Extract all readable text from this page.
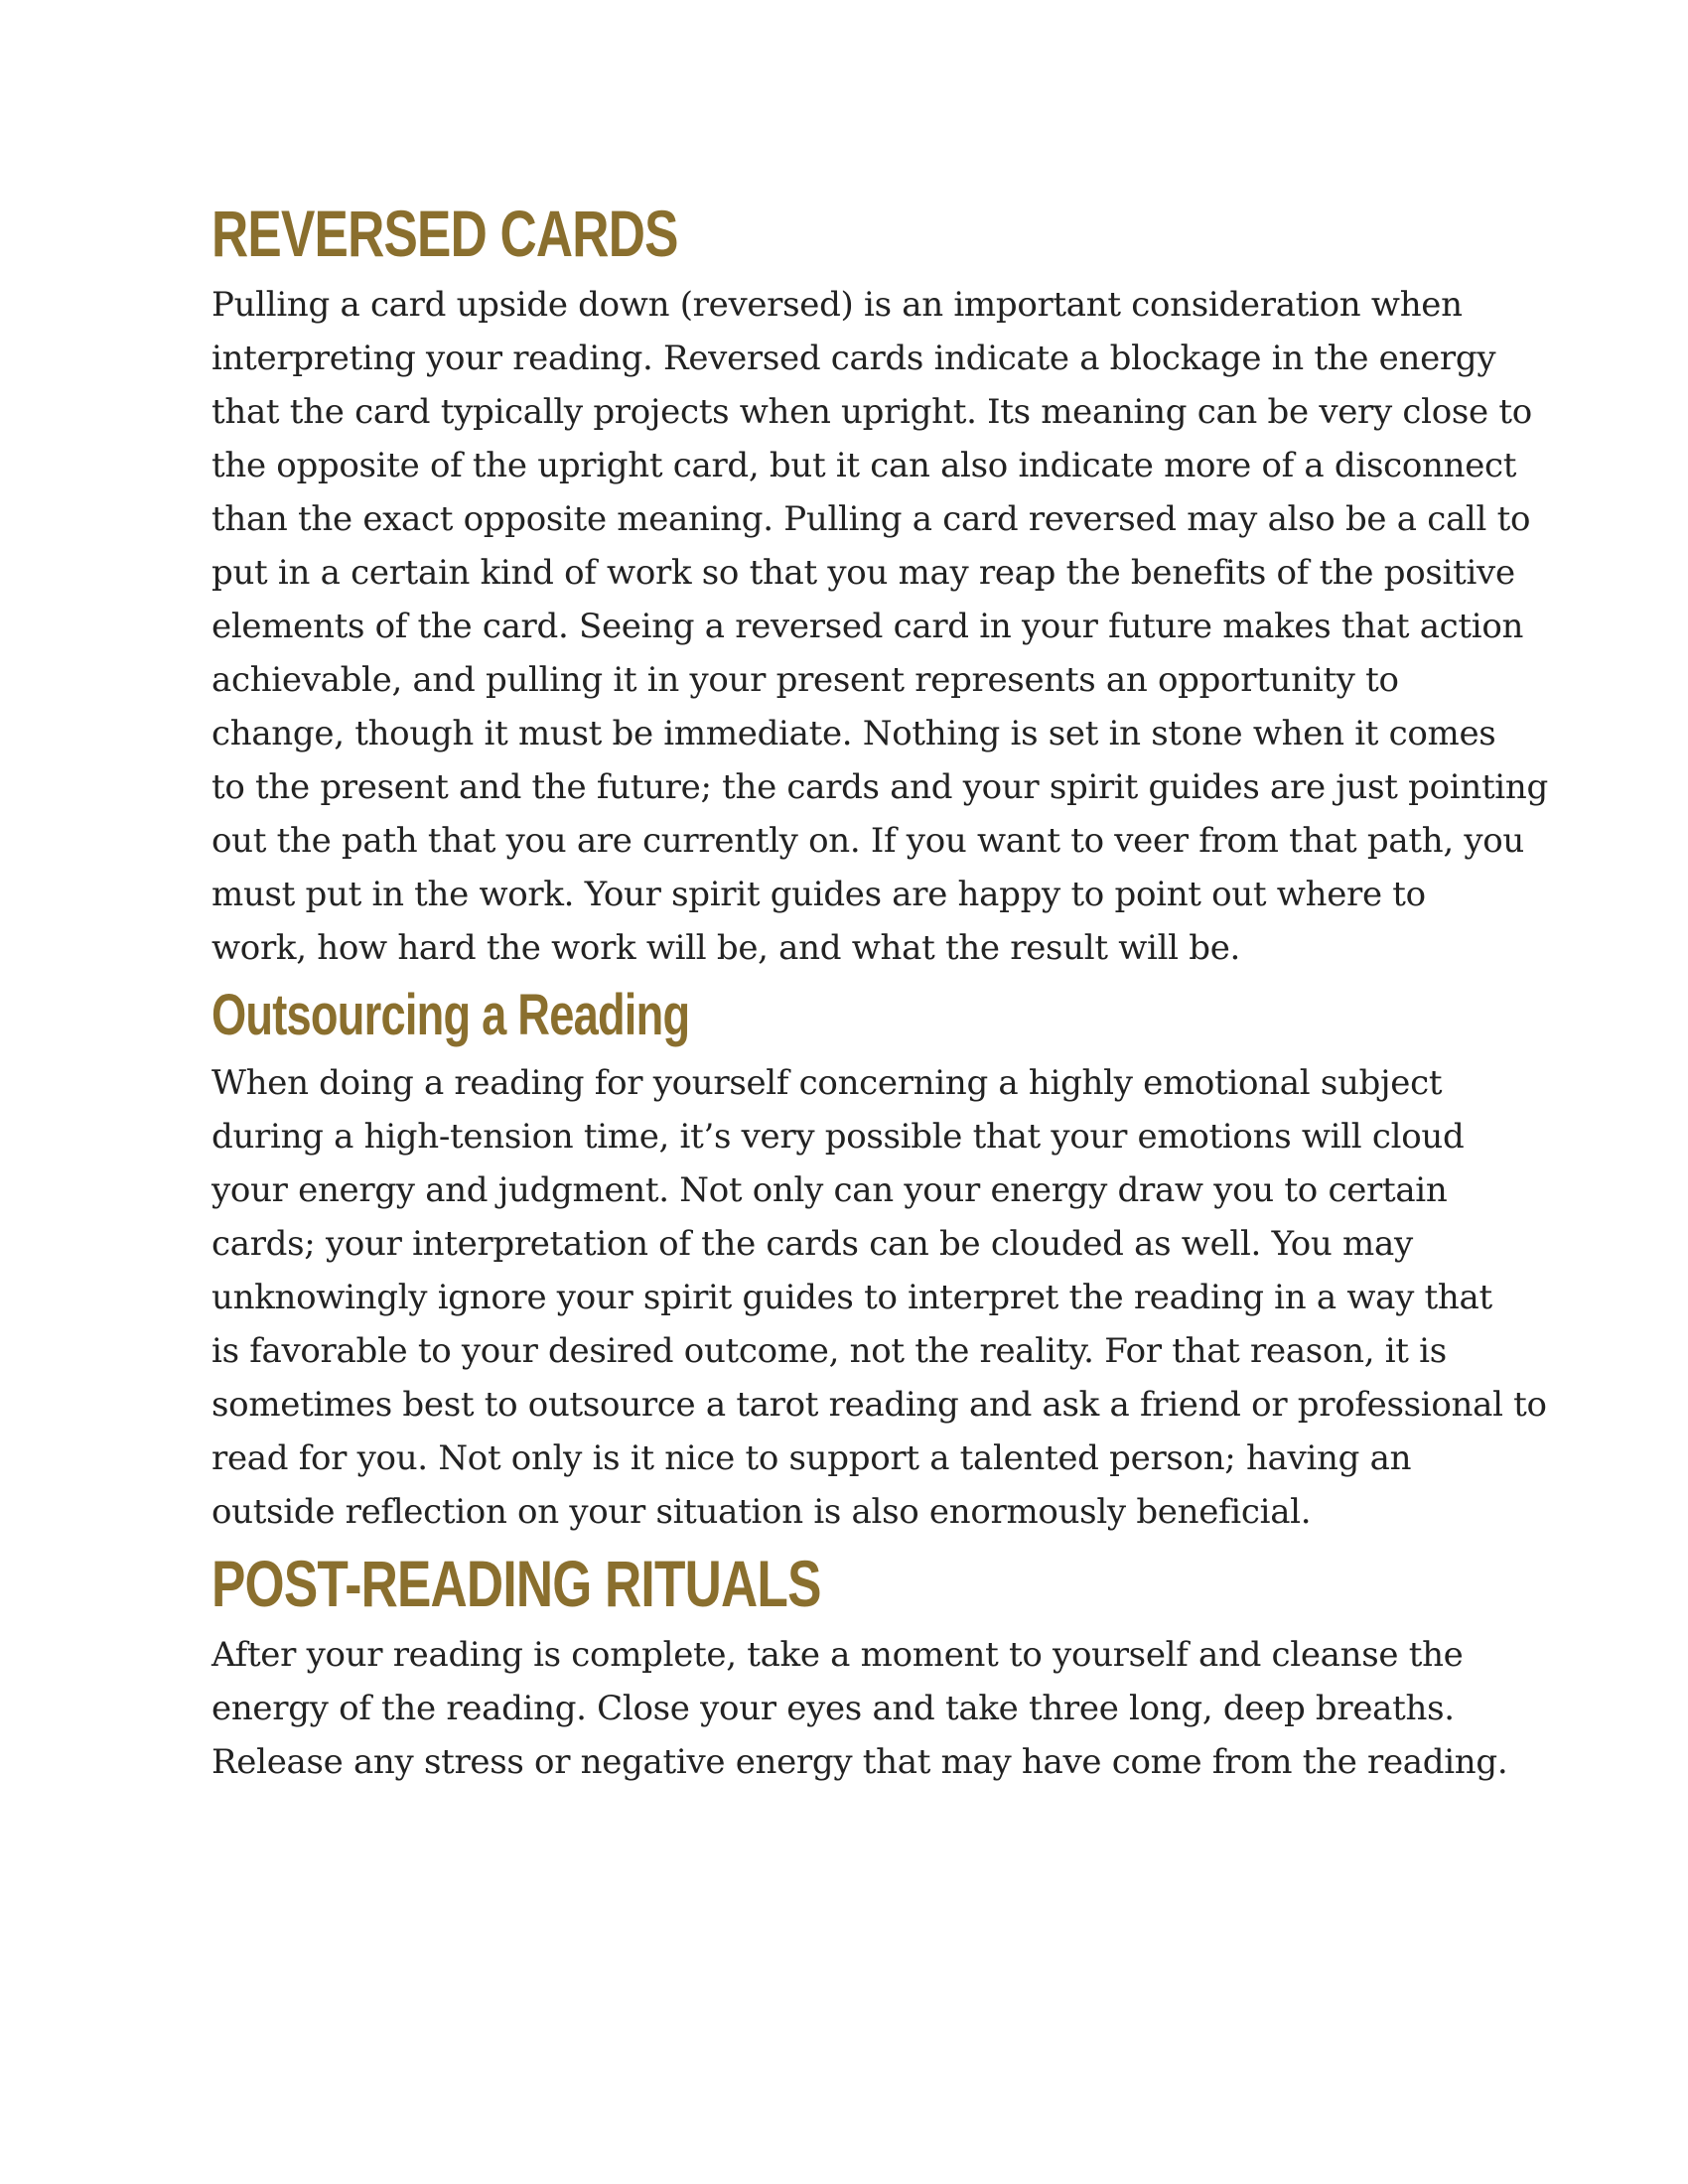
REVERSED CARDS

Pulling a card upside down (reversed) is an important consideration when
interpreting your reading. Reversed cards indicate a blockage in the energy
that the card typically projects when upright. Its meaning can be very close to
the opposite of the upright card, but it can also indicate more of a disconnect
than the exact opposite meaning. Pulling a card reversed may also be a call to
put in a certain kind of work so that you may reap the benefits of the positive
elements of the card. Seeing a reversed card in your future makes that action
achievable, and pulling it in your present represents an opportunity to
change, though it must be immediate. Nothing is set in stone when it comes
to the present and the future; the cards and your spirit guides are just pointing
out the path that you are currently on. If you want to veer from that path, you
must put in the work. Your spirit guides are happy to point out where to
work, how hard the work will be, and what the result will be.

Outsourcing a Reading

When doing a reading for yourself concerning a highly emotional subject
during a high-tension time, it’s very possible that your emotions will cloud
your energy and judgment. Not only can your energy draw you to certain
cards; your interpretation of the cards can be clouded as well. You may
unknowingly ignore your spirit guides to interpret the reading in a way that
is favorable to your desired outcome, not the reality. For that reason, it is
sometimes best to outsource a tarot reading and ask a friend or professional to
read for you. Not only is it nice to support a talented person; having an
outside reflection on your situation is also enormously beneficial.

POST-READING RITUALS

After your reading is complete, take a moment to yourself and cleanse the
energy of the reading. Close your eyes and take three long, deep breaths.
Release any stress or negative energy that may have come from the reading.
